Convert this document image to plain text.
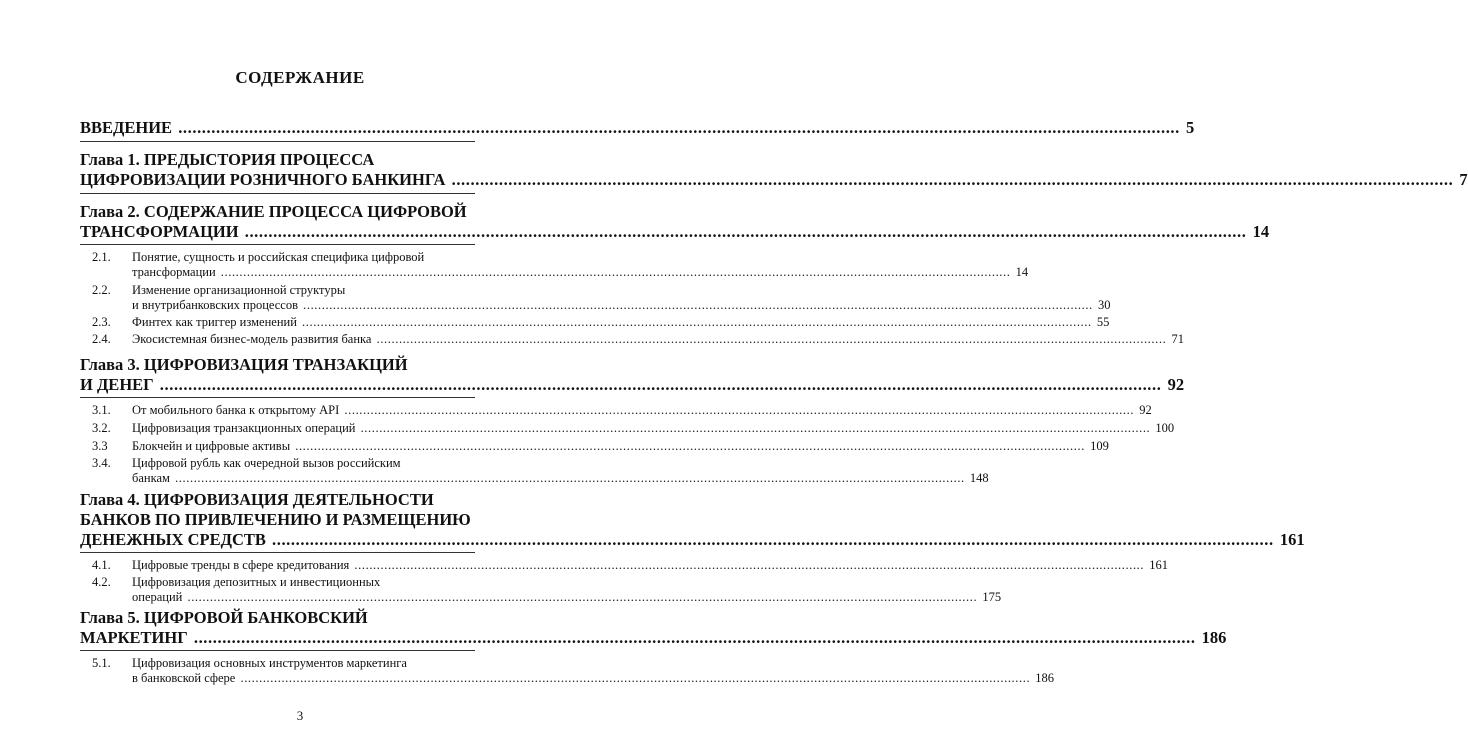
СОДЕРЖАНИЕ
ВВЕДЕНИЕ .....	5
Глава 1. ПРЕДЫСТОРИЯ ПРОЦЕССА
ЦИФРОВИЗАЦИИ РОЗНИЧНОГО БАНКИНГА .....	7
Глава 2. СОДЕРЖАНИЕ ПРОЦЕССА ЦИФРОВОЙ
ТРАНСФОРМАЦИИ .....	14
2.1. Понятие, сущность и российская специфика цифровой
трансформации .....	14
2.2. Изменение организационной структуры
и внутрибанковских процессов .....	30
2.3. Финтех как триггер изменений .....	55
2.4. Экосистемная бизнес-модель развития банка .....	71
Глава 3. ЦИФРОВИЗАЦИЯ ТРАНЗАКЦИЙ
И ДЕНЕГ .....	92
3.1. От мобильного банка к открытому API .....	92
3.2. Цифровизация транзакционных операций .....	100
3.3 Блокчейн и цифровые активы .....	109
3.4. Цифровой рубль как очередной вызов российским
банкам .....	148
Глава 4. ЦИФРОВИЗАЦИЯ ДЕЯТЕЛЬНОСТИ
БАНКОВ ПО ПРИВЛЕЧЕНИЮ И РАЗМЕЩЕНИЮ
ДЕНЕЖНЫХ СРЕДСТВ .....	161
4.1. Цифровые тренды в сфере кредитования .....	161
4.2. Цифровизация депозитных и инвестиционных
операций .....	175
Глава 5. ЦИФРОВОЙ БАНКОВСКИЙ
МАРКЕТИНГ .....	186
5.1. Цифровизация основных инструментов маркетинга
в банковской сфере .....	186
3
